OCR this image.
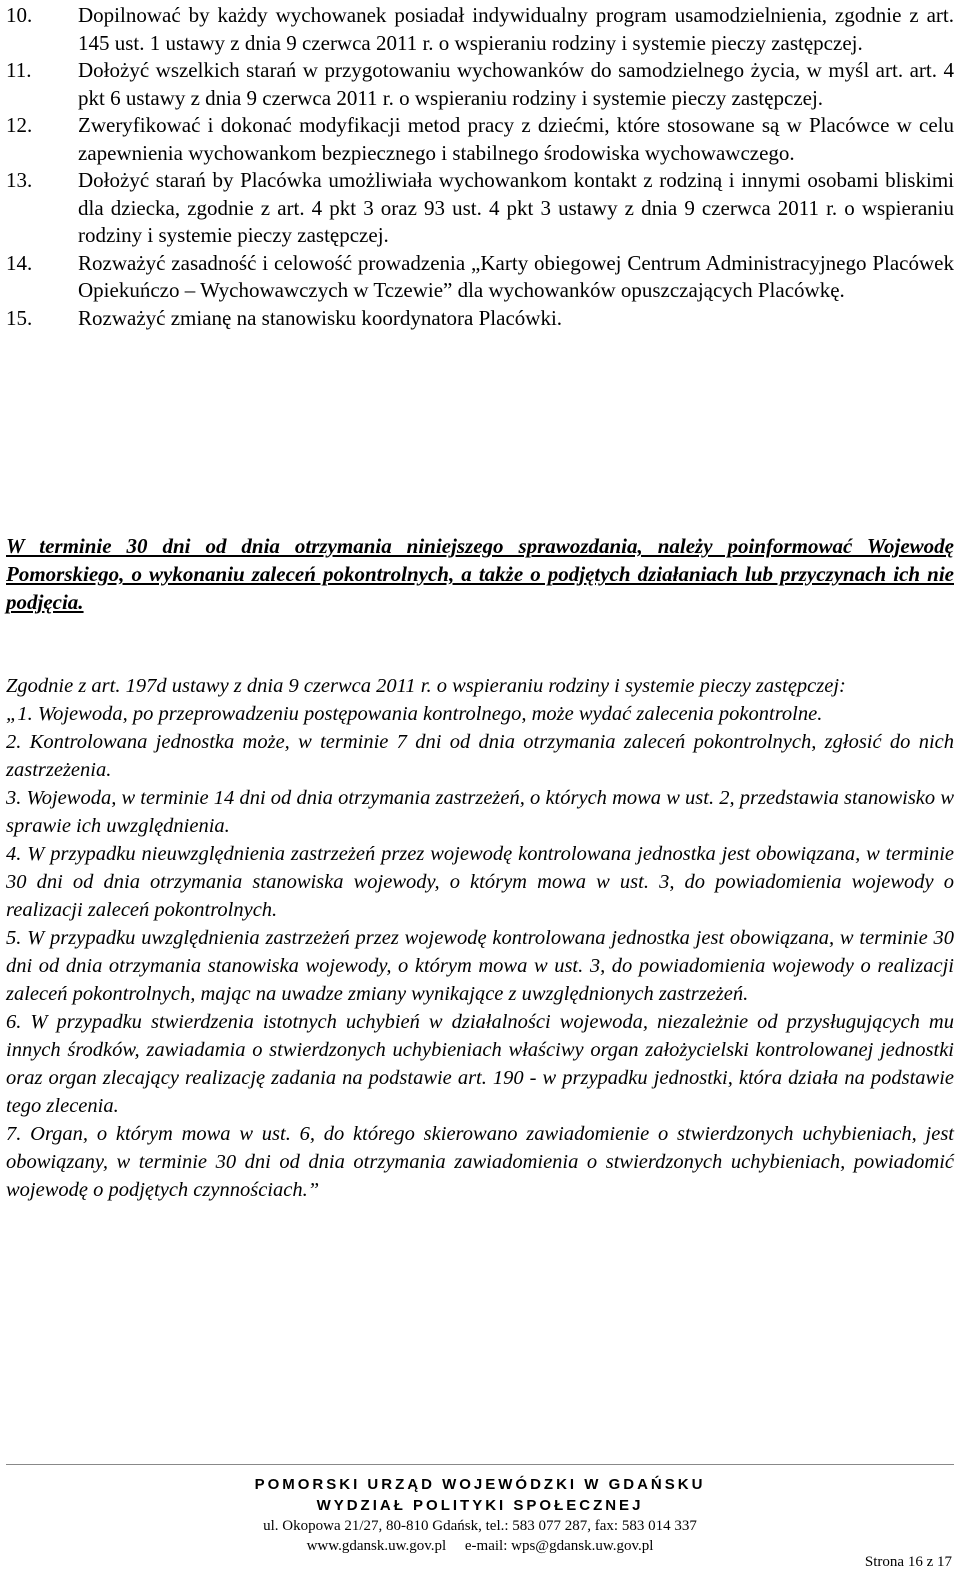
10.	Dopilnować by każdy wychowanek posiadał indywidualny program usamodzielnienia, zgodnie z art. 145 ust. 1 ustawy z dnia 9 czerwca 2011 r. o wspieraniu rodziny i systemie pieczy zastępczej.
11.	Dołożyć wszelkich starań w przygotowaniu wychowanków do samodzielnego życia, w myśl art. art. 4 pkt 6 ustawy z dnia 9 czerwca 2011 r. o wspieraniu rodziny i systemie pieczy zastępczej.
12.	Zweryfikować i dokonać modyfikacji metod pracy z dziećmi, które stosowane są w Placówce w celu zapewnienia wychowankom bezpiecznego i stabilnego środowiska wychowawczego.
13.	Dołożyć starań by Placówka umożliwiała wychowankom kontakt z rodziną i innymi osobami bliskimi dla dziecka, zgodnie z art. 4 pkt 3 oraz 93 ust. 4 pkt 3 ustawy z dnia 9 czerwca 2011 r. o wspieraniu rodziny i systemie pieczy zastępczej.
14.	Rozważyć zasadność i celowość prowadzenia „Karty obiegowej Centrum Administracyjnego Placówek Opiekuńczo – Wychowawczych w Tczewie” dla wychowanków opuszczających Placówkę.
15.	Rozważyć zmianę na stanowisku koordynatora Placówki.

W terminie 30 dni od dnia otrzymania niniejszego sprawozdania, należy poinformować Wojewodę Pomorskiego, o wykonaniu zaleceń pokontrolnych, a także o podjętych działaniach lub przyczynach ich nie podjęcia.

Zgodnie z art. 197d ustawy z dnia 9 czerwca 2011 r. o wspieraniu rodziny i systemie pieczy zastępczej:

„1. Wojewoda, po przeprowadzeniu postępowania kontrolnego, może wydać zalecenia pokontrolne.

2. Kontrolowana jednostka może, w terminie 7 dni od dnia otrzymania zaleceń pokontrolnych, zgłosić do nich zastrzeżenia.

3. Wojewoda, w terminie 14 dni od dnia otrzymania zastrzeżeń, o których mowa w ust. 2, przedstawia stanowisko w sprawie ich uwzględnienia.

4. W przypadku nieuwzględnienia zastrzeżeń przez wojewodę kontrolowana jednostka jest obowiązana, w terminie 30 dni od dnia otrzymania stanowiska wojewody, o którym mowa w ust. 3, do powiadomienia wojewody o realizacji zaleceń pokontrolnych.

5. W przypadku uwzględnienia zastrzeżeń przez wojewodę kontrolowana jednostka jest obowiązana, w terminie 30 dni od dnia otrzymania stanowiska wojewody, o którym mowa w ust. 3, do powiadomienia wojewody o realizacji zaleceń pokontrolnych, mając na uwadze zmiany wynikające z uwzględnionych zastrzeżeń.

6. W przypadku stwierdzenia istotnych uchybień w działalności wojewoda, niezależnie od przysługujących mu innych środków, zawiadamia o stwierdzonych uchybieniach właściwy organ założycielski kontrolowanej jednostki oraz organ zlecający realizację zadania na podstawie art. 190 - w przypadku jednostki, która działa na podstawie tego zlecenia.

7. Organ, o którym mowa w ust. 6, do którego skierowano zawiadomienie o stwierdzonych uchybieniach, jest obowiązany, w terminie 30 dni od dnia otrzymania zawiadomienia o stwierdzonych uchybieniach, powiadomić wojewodę o podjętych czynnościach.”

POMORSKI URZĄD WOJEWÓDZKI W GDAŃSKU
WYDZIAŁ POLITYKI SPOŁECZNEJ
ul. Okopowa 21/27, 80-810 Gdańsk, tel.: 583 077 287, fax: 583 014 337
www.gdansk.uw.gov.pl     e-mail: wps@gdansk.uw.gov.pl
Strona 16 z 17
